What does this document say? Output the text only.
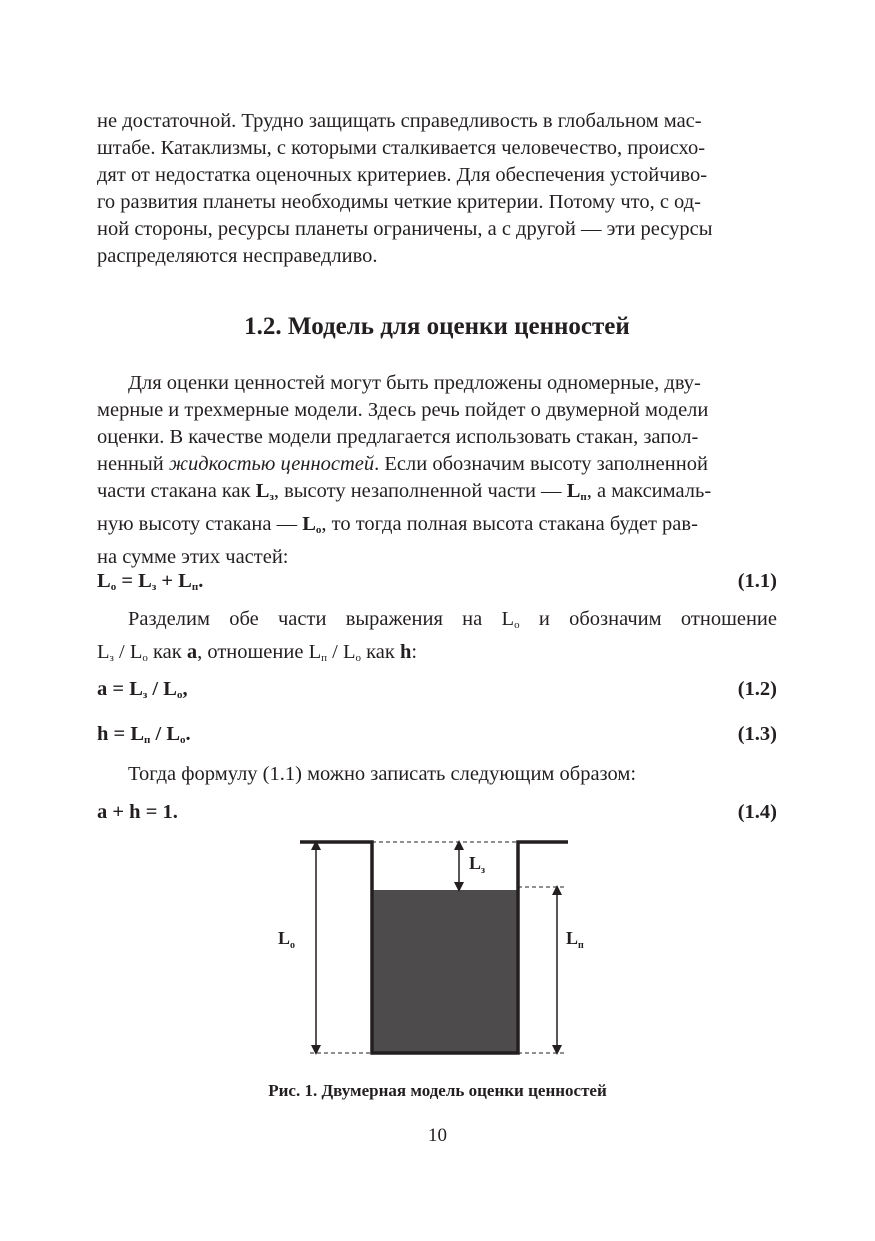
не достаточной. Трудно защищать справедливость в глобальном мас-

штабе. Катаклизмы, с которыми сталкивается человечество, происхо-

дят от недостатка оценочных критериев. Для обеспечения устойчиво-

го развития планеты необходимы четкие критерии. Потому что, с од-

ной стороны, ресурсы планеты ограничены, а с другой — эти ресурсы

распределяются несправедливо.

1.2. Модель для оценки ценностей

Для оценки ценностей могут быть предложены одномерные, дву-

мерные и трехмерные модели. Здесь речь пойдет о двумерной модели

оценки. В качестве модели предлагается использовать стакан, запол-

ненный жидкостью ценностей. Если обозначим высоту заполненной

части стакана как $L_з$, высоту незаполненной части — $L_п$, а максималь-

ную высоту стакана — $L_о$, то тогда полная высота стакана будет рав-

на сумме этих частей:

$L_о = L_з + L_п$.	(1.1)

Разделим обе части выражения на Lо и обозначим отношение

Lз / Lо как a, отношение Lп / Lо как h:

$a = L_з / L_о$,	(1.2)
$h = L_п / L_о$.	(1.3)

Тогда формулу (1.1) можно записать следующим образом:

a + h = 1.	(1.4)
$L_о$
$L_з$
$L_п$
Рис. 1. Двумерная модель оценки ценностей
10
